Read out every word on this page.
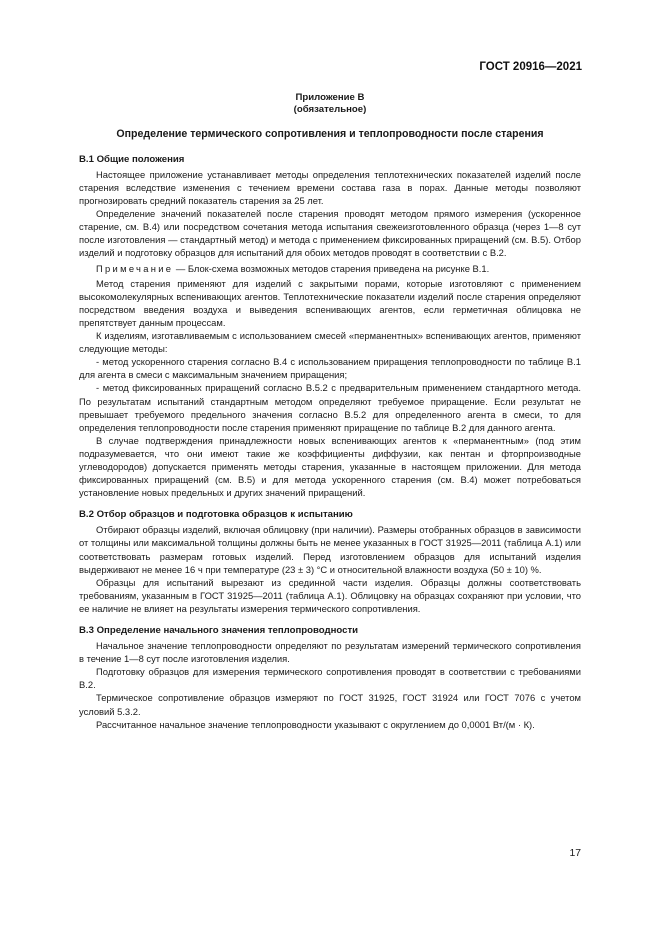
ГОСТ 20916—2021
Приложение В
(обязательное)
Определение термического сопротивления и теплопроводности после старения
В.1 Общие положения

Настоящее приложение устанавливает методы определения теплотехнических показателей изделий после старения вследствие изменения с течением времени состава газа в порах. Данные методы позволяют прогнозировать средний показатель старения за 25 лет.

Определение значений показателей после старения проводят методом прямого измерения (ускоренное старение, см. В.4) или посредством сочетания метода испытания свежеизготовленного образца (через 1—8 сут после изготовления — стандартный метод) и метода с применением фиксированных приращений (см. В.5). Отбор изделий и подготовку образцов для испытаний для обоих методов проводят в соответствии с В.2.

Примечание — Блок-схема возможных методов старения приведена на рисунке В.1.

Метод старения применяют для изделий с закрытыми порами, которые изготовляют с применением высокомолекулярных вспенивающих агентов. Теплотехнические показатели изделий после старения определяют посредством введения воздуха и выведения вспенивающих агентов, если герметичная облицовка не препятствует данным процессам.

К изделиям, изготавливаемым с использованием смесей «перманентных» вспенивающих агентов, применяют следующие методы:

- метод ускоренного старения согласно В.4 с использованием приращения теплопроводности по таблице В.1 для агента в смеси с максимальным значением приращения;

- метод фиксированных приращений согласно В.5.2 с предварительным применением стандартного метода. По результатам испытаний стандартным методом определяют требуемое приращение. Если результат не превышает требуемого предельного значения согласно В.5.2 для определенного агента в смеси, то для определения теплопроводности после старения применяют приращение по таблице В.2 для данного агента.

В случае подтверждения принадлежности новых вспенивающих агентов к «перманентным» (под этим подразумевается, что они имеют такие же коэффициенты диффузии, как пентан и фторпроизводные углеводородов) допускается применять методы старения, указанные в настоящем приложении. Для метода фиксированных приращений (см. В.5) и для метода ускоренного старения (см. В.4) может потребоваться установление новых предельных и других значений приращений.

В.2 Отбор образцов и подготовка образцов к испытанию

Отбирают образцы изделий, включая облицовку (при наличии). Размеры отобранных образцов в зависимости от толщины или максимальной толщины должны быть не менее указанных в ГОСТ 31925—2011 (таблица А.1) или соответствовать размерам готовых изделий. Перед изготовлением образцов для испытаний изделия выдерживают не менее 16 ч при температуре (23 ± 3) °С и относительной влажности воздуха (50 ± 10) %.

Образцы для испытаний вырезают из срединной части изделия. Образцы должны соответствовать требованиям, указанным в ГОСТ 31925—2011 (таблица А.1). Облицовку на образцах сохраняют при условии, что ее наличие не влияет на результаты измерения термического сопротивления.

В.3 Определение начального значения теплопроводности

Начальное значение теплопроводности определяют по результатам измерений термического сопротивления в течение 1—8 сут после изготовления изделия.

Подготовку образцов для измерения термического сопротивления проводят в соответствии с требованиями В.2.

Термическое сопротивление образцов измеряют по ГОСТ 31925, ГОСТ 31924 или ГОСТ 7076 с учетом условий 5.3.2.

Рассчитанное начальное значение теплопроводности указывают с округлением до 0,0001 Вт/(м · К).

17
